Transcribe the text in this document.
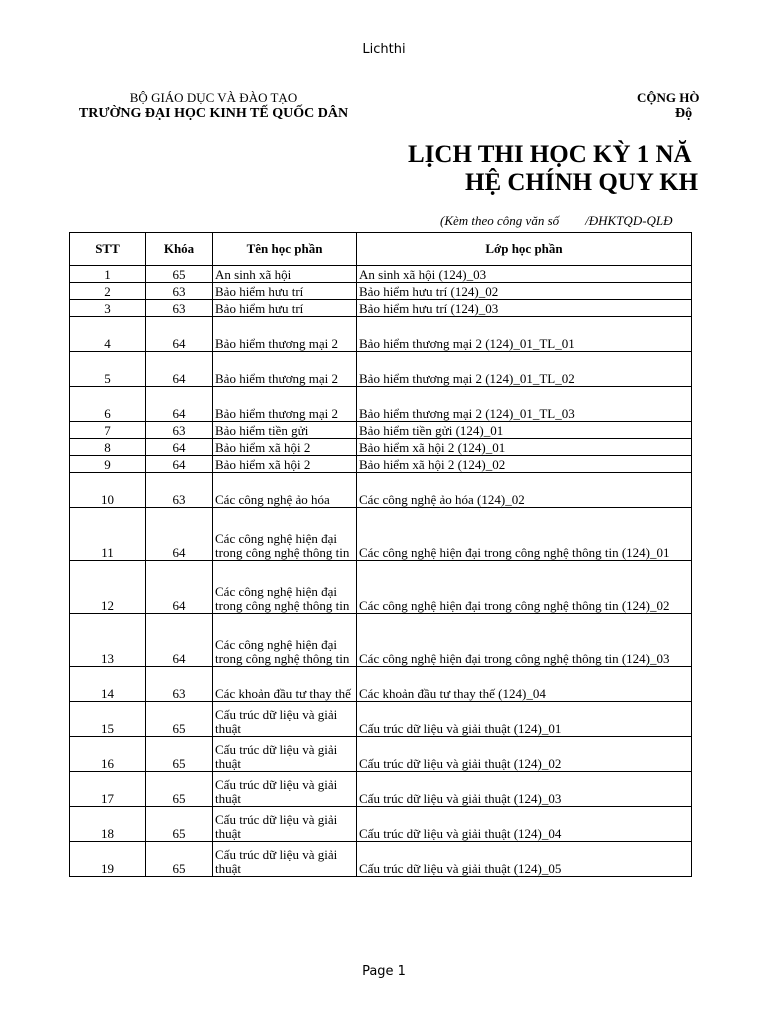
Lichthi
BỘ GIÁO DỤC VÀ ĐÀO TẠO
TRƯỜNG ĐẠI HỌC KINH TẾ QUỐC DÂN
CỘNG HÒ
Độ
LỊCH THI HỌC KỲ 1 NĂ
HỆ CHÍNH QUY KH
(Kèm theo công văn số        /ĐHKTQD-QLĐ
STT	Khóa	Tên học phần	Lớp học phần
1	65	An sinh xã hội	An sinh xã hội (124)_03
2	63	Bảo hiểm hưu trí	Bảo hiểm hưu trí (124)_02
3	63	Bảo hiểm hưu trí	Bảo hiểm hưu trí (124)_03
4	64	Bảo hiểm thương mại 2	Bảo hiểm thương mại 2 (124)_01_TL_01
5	64	Bảo hiểm thương mại 2	Bảo hiểm thương mại 2 (124)_01_TL_02
6	64	Bảo hiểm thương mại 2	Bảo hiểm thương mại 2 (124)_01_TL_03
7	63	Bảo hiểm tiền gửi	Bảo hiểm tiền gửi (124)_01
8	64	Bảo hiểm xã hội 2	Bảo hiểm xã hội 2 (124)_01
9	64	Bảo hiểm xã hội 2	Bảo hiểm xã hội 2 (124)_02
10	63	Các công nghệ ảo hóa	Các công nghệ ảo hóa (124)_02
11	64	Các công nghệ hiện đại trong công nghệ thông tin	Các công nghệ hiện đại trong công nghệ thông tin (124)_01
12	64	Các công nghệ hiện đại trong công nghệ thông tin	Các công nghệ hiện đại trong công nghệ thông tin (124)_02
13	64	Các công nghệ hiện đại trong công nghệ thông tin	Các công nghệ hiện đại trong công nghệ thông tin (124)_03
14	63	Các khoản đầu tư thay thế	Các khoản đầu tư thay thế (124)_04
15	65	Cấu trúc dữ liệu và giải thuật	Cấu trúc dữ liệu và giải thuật (124)_01
16	65	Cấu trúc dữ liệu và giải thuật	Cấu trúc dữ liệu và giải thuật (124)_02
17	65	Cấu trúc dữ liệu và giải thuật	Cấu trúc dữ liệu và giải thuật (124)_03
18	65	Cấu trúc dữ liệu và giải thuật	Cấu trúc dữ liệu và giải thuật (124)_04
19	65	Cấu trúc dữ liệu và giải thuật	Cấu trúc dữ liệu và giải thuật (124)_05
Page 1
